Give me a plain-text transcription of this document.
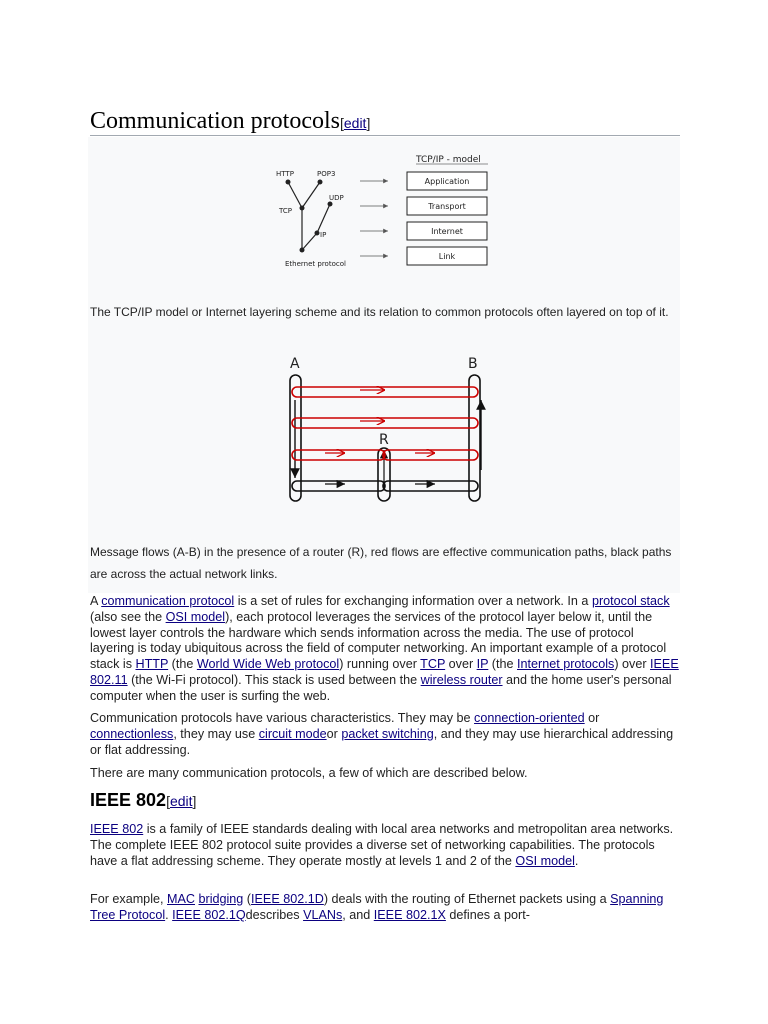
Communication protocols[edit]
TCP/IP - model
Application
Transport
Internet
Link
HTTP	POP3
UDP
TCP
IP
Ethernet protocol
The TCP/IP model or Internet layering scheme and its relation to common protocols often layered on top of it.
A	B
R
Message flows (A-B) in the presence of a router (R), red flows are effective communication paths, black paths
are across the actual network links.
A communication protocol is a set of rules for exchanging information over a network. In a protocol stack (also see the OSI model), each protocol leverages the services of the protocol layer below it, until the lowest layer controls the hardware which sends information across the media. The use of protocol layering is today ubiquitous across the field of computer networking. An important example of a protocol stack is HTTP (the World Wide Web protocol) running over TCP over IP (the Internet protocols) over IEEE 802.11 (the Wi-Fi protocol). This stack is used between the wireless router and the home user's personal computer when the user is surfing the web.
Communication protocols have various characteristics. They may be connection-oriented or connectionless, they may use circuit modeor packet switching, and they may use hierarchical addressing or flat addressing.
There are many communication protocols, a few of which are described below.
IEEE 802[edit]
IEEE 802 is a family of IEEE standards dealing with local area networks and metropolitan area networks. The complete IEEE 802 protocol suite provides a diverse set of networking capabilities. The protocols have a flat addressing scheme. They operate mostly at levels 1 and 2 of the OSI model.
For example, MAC bridging (IEEE 802.1D) deals with the routing of Ethernet packets using a Spanning Tree Protocol. IEEE 802.1Qdescribes VLANs, and IEEE 802.1X defines a port-
